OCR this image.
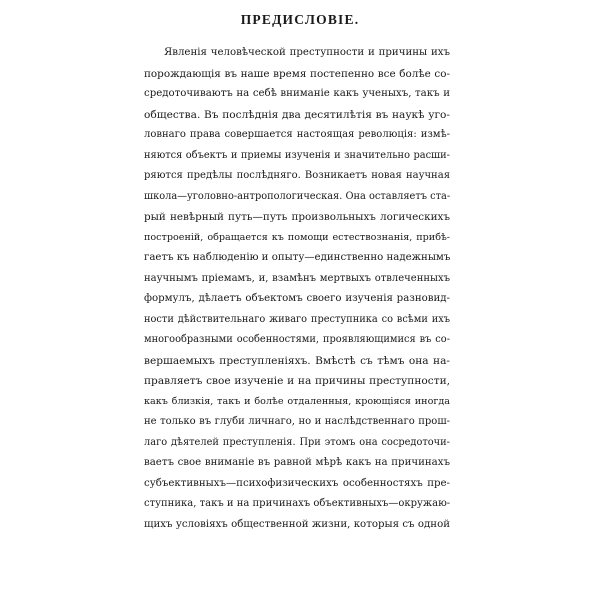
ПРЕДИСЛОВIE.
Явленiя человѣческой преступности и причины ихъ
порождающiя въ наше время постепенно все болѣе со-
средоточиваютъ на себѣ вниманiе какъ ученыхъ, такъ и
общества. Въ послѣднiя два десятилѣтiя въ наукѣ уго-
ловнаго права совершается настоящая революцiя: измѣ-
няются объектъ и приемы изученiя и значительно расши-
ряются предѣлы послѣдняго. Возникаетъ новая научная
школа—уголовно-антропологическая. Она оставляетъ ста-
рый невѣрный путь—путь произвольныхъ логическихъ
построенiй, обращается къ помощи естествознанiя, прибѣ-
гаетъ къ наблюденiю и опыту—единственно надежнымъ
научнымъ прiемамъ, и, взамѣнъ мертвыхъ отвлеченныхъ
формулъ, дѣлаетъ объектомъ своего изученiя разновид-
ности дѣйствительнаго живаго преступника со всѣми ихъ
многообразными особенностями, проявляющимися въ со-
вершаемыхъ преступленiяхъ. Вмѣстѣ съ тѣмъ она на-
правляетъ свое изученiе и на причины преступности,
какъ близкiя, такъ и болѣе отдаленныя, кроющiяся иногда
не только въ глуби личнаго, но и наслѣдственнаго прош-
лаго дѣятелей преступленiя. При этомъ она сосредоточи-
ваетъ свое вниманiе въ равной мѣрѣ какъ на причинахъ
субъективныхъ—психофизическихъ особенностяхъ пре-
ступника, такъ и на причинахъ объективныхъ—окружаю-
щихъ условiяхъ общественной жизни, которыя съ одной
